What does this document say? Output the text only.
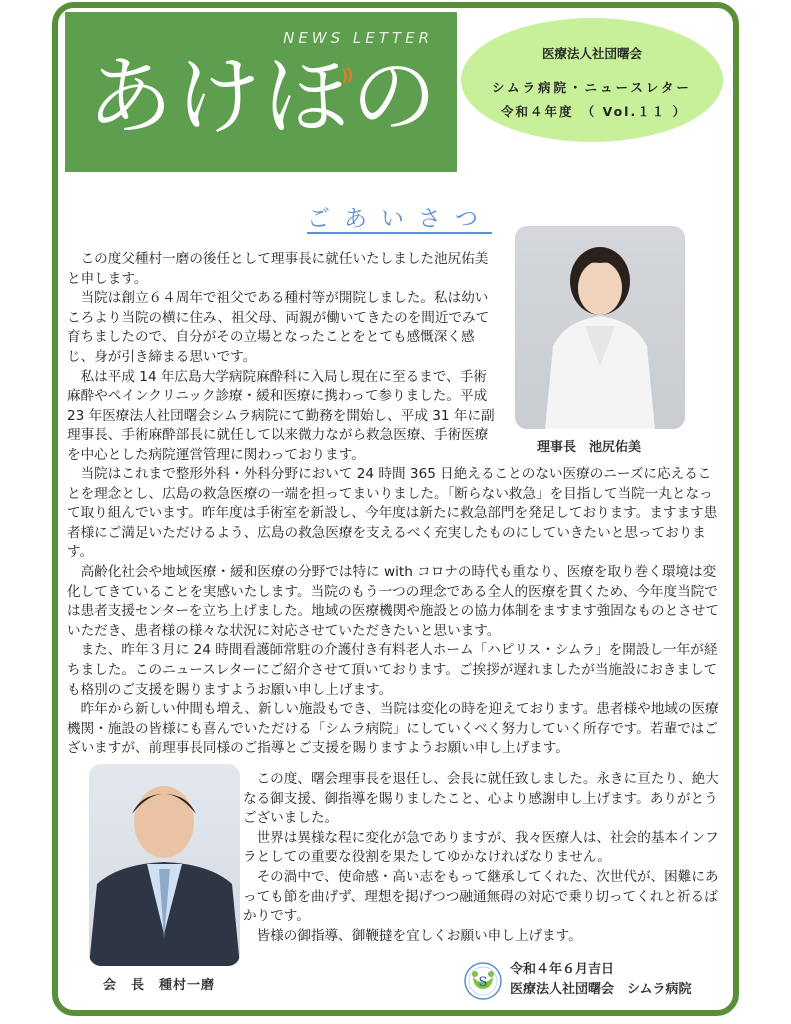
NEWS LETTER
あけほの	医療法人社団曙会
シムラ病院・ニュースレター
令和４年度　（ Vol.１１ ）
ごあいさつ

この度父種村一磨の後任として理事長に就任いたしました池尻佑美と申します。

当院は創立６４周年で祖父である種村等が開院しました。私は幼いころより当院の横に住み、祖父母、両親が働いてきたのを間近でみて育ちましたので、自分がその立場となったことをとても感慨深く感じ、身が引き締まる思いです。

私は平成 14 年広島大学病院麻酔科に入局し現在に至るまで、手術麻酔やペインクリニック診療・緩和医療に携わって参りました。平成 23 年医療法人社団曙会シムラ病院にて勤務を開始し、平成 31 年に副理事長、手術麻酔部長に就任して以来微力ながら救急医療、手術医療を中心とした病院運営管理に関わっております。	理事長　池尻佑美

当院はこれまで整形外科・外科分野において 24 時間 365 日絶えることのない医療のニーズに応えることを理念とし、広島の救急医療の一端を担ってまいりました。「断らない救急」を目指して当院一丸となって取り組んでいます。昨年度は手術室を新設し、今年度は新たに救急部門を発足しております。ますます患者様にご満足いただけるよう、広島の救急医療を支えるべく充実したものにしていきたいと思っております。

高齢化社会や地域医療・緩和医療の分野では特に with コロナの時代も重なり、医療を取り巻く環境は変化してきていることを実感いたします。当院のもう一つの理念である全人的医療を貫くため、今年度当院では患者支援センターを立ち上げました。地域の医療機関や施設との協力体制をますます強固なものとさせていただき、患者様の様々な状況に対応させていただきたいと思います。

また、昨年３月に 24 時間看護師常駐の介護付き有料老人ホーム「ハピリス・シムラ」を開設し一年が経ちました。このニュースレターにご紹介させて頂いております。ご挨拶が遅れましたが当施設におきましても格別のご支援を賜りますようお願い申し上げます。

昨年から新しい仲間も増え、新しい施設もでき、当院は変化の時を迎えております。患者様や地域の医療機関・施設の皆様にも喜んでいただける「シムラ病院」にしていくべく努力していく所存です。若輩ではございますが、前理事長同様のご指導とご支援を賜りますようお願い申し上げます。

会　長　種村一磨

この度、曙会理事長を退任し、会長に就任致しました。永きに亘たり、絶大なる御支援、御指導を賜りましたこと、心より感謝申し上げます。ありがとうございました。

世界は異様な程に変化が急でありますが、我々医療人は、社会的基本インフラとしての重要な役割を果たしてゆかなければなりません。

その渦中で、使命感・高い志をもって継承してくれた、次世代が、困難にあっても節を曲げず、理想を掲げつつ融通無碍の対応で乗り切ってくれと祈るばかりです。

皆様の御指導、御鞭撻を宜しくお願い申し上げます。

S
令和４年６月吉日
医療法人社団曙会　シムラ病院
